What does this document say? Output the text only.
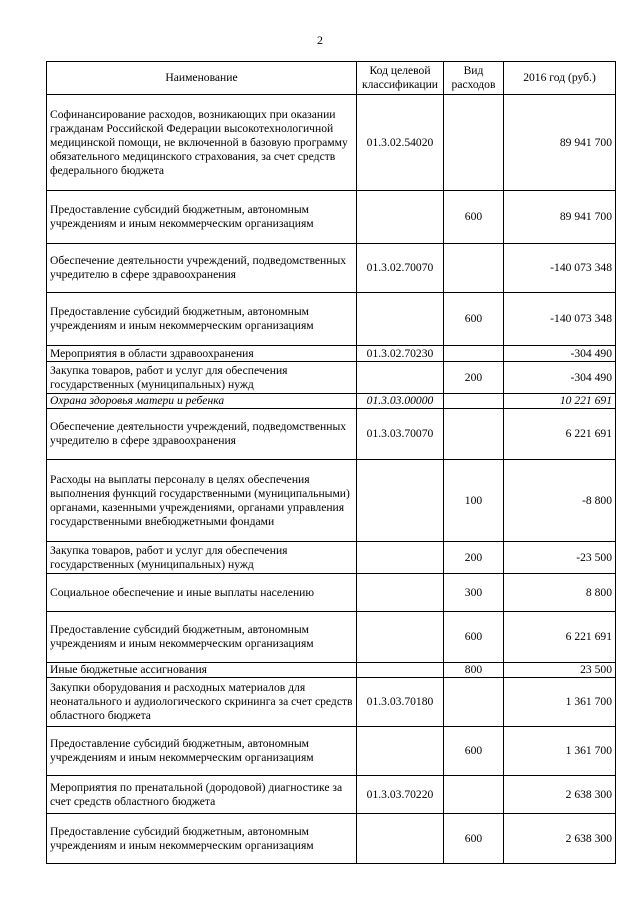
2
Наименование	Код целевой классификации	Вид расходов	2016 год (руб.)
Софинансирование расходов, возникающих при оказании гражданам Российской Федерации высокотехнологичной медицинской помощи, не включенной в базовую программу обязательного медицинского страхования, за счет средств федерального бюджета	01.3.02.54020		89 941 700
Предоставление субсидий бюджетным, автономным учреждениям и иным некоммерческим организациям		600	89 941 700
Обеспечение деятельности учреждений, подведомственных учредителю в сфере здравоохранения	01.3.02.70070		-140 073 348
Предоставление субсидий бюджетным, автономным учреждениям и иным некоммерческим организациям		600	-140 073 348
Мероприятия в области здравоохранения	01.3.02.70230		-304 490
Закупка товаров, работ и услуг для обеспечения государственных (муниципальных) нужд		200	-304 490
Охрана здоровья матери и ребенка	01.3.03.00000		10 221 691
Обеспечение деятельности учреждений, подведомственных учредителю в сфере здравоохранения	01.3.03.70070		6 221 691
Расходы на выплаты персоналу в целях обеспечения выполнения функций государственными (муниципальными) органами, казенными учреждениями, органами управления государственными внебюджетными фондами		100	-8 800
Закупка товаров, работ и услуг для обеспечения государственных (муниципальных) нужд		200	-23 500
Социальное обеспечение и иные выплаты населению		300	8 800
Предоставление субсидий бюджетным, автономным учреждениям и иным некоммерческим организациям		600	6 221 691
Иные бюджетные ассигнования		800	23 500
Закупки оборудования и расходных материалов для неонатального и аудиологического скрининга за счет средств областного бюджета	01.3.03.70180		1 361 700
Предоставление субсидий бюджетным, автономным учреждениям и иным некоммерческим организациям		600	1 361 700
Мероприятия по пренатальной (дородовой) диагностике за счет средств областного бюджета	01.3.03.70220		2 638 300
Предоставление субсидий бюджетным, автономным учреждениям и иным некоммерческим организациям		600	2 638 300
